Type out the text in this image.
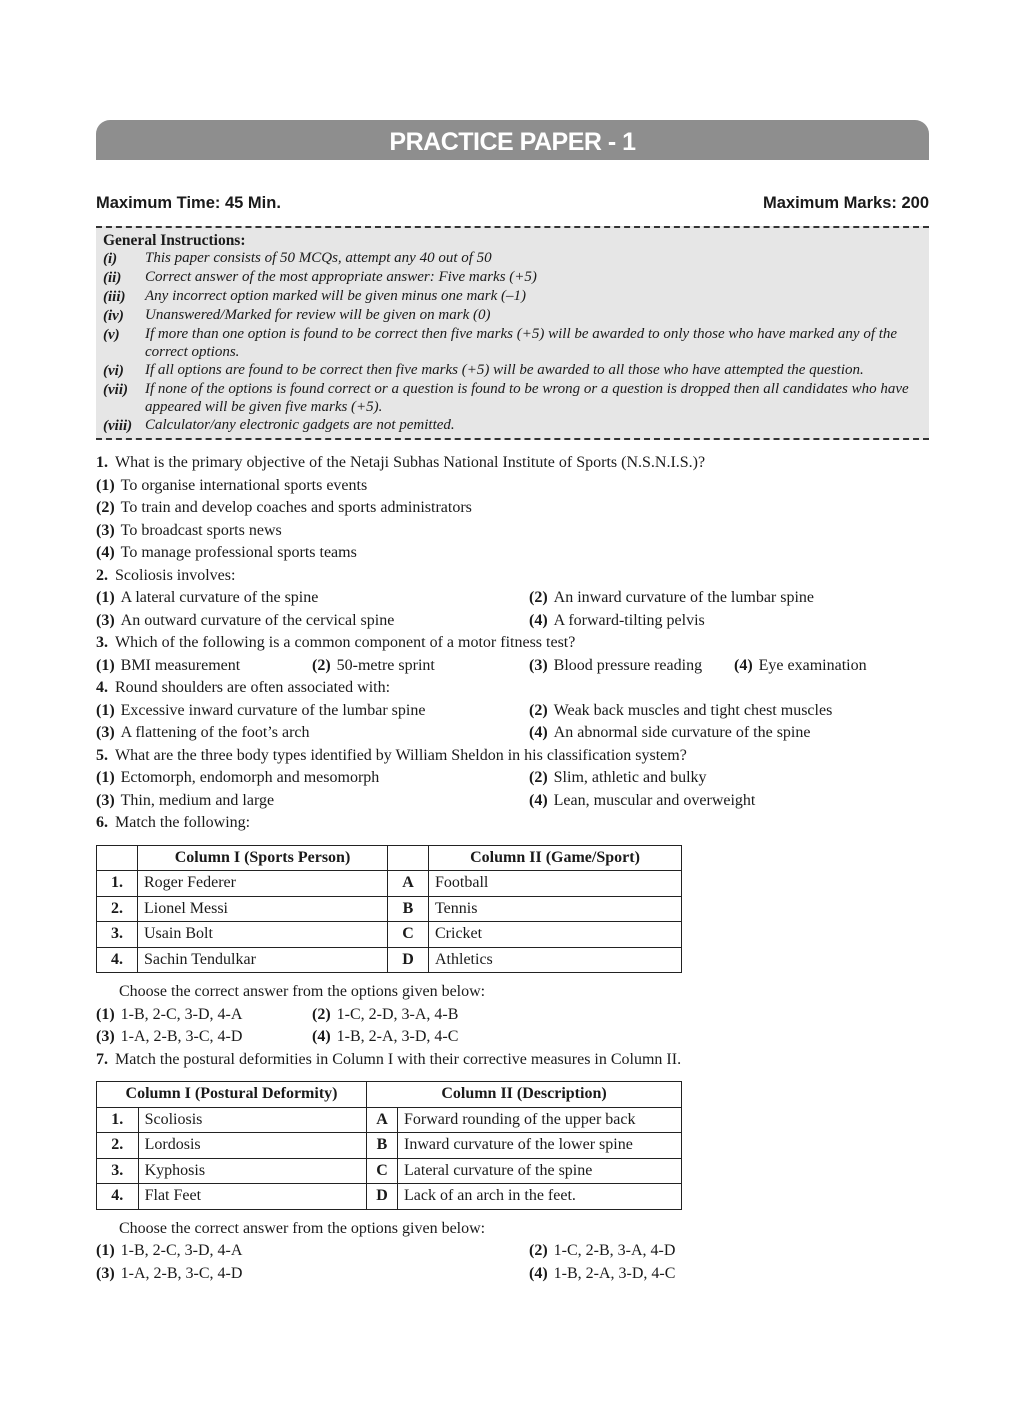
PRACTICE PAPER - 1
Maximum Time: 45 Min.	Maximum Marks: 200
General Instructions:
(i)	This paper consists of 50 MCQs, attempt any 40 out of 50
(ii)	Correct answer of the most appropriate answer: Five marks (+5)
(iii)	Any incorrect option marked will be given minus one mark (–1)
(iv)	Unanswered/Marked for review will be given on mark (0)
(v)	If more than one option is found to be correct then five marks (+5) will be awarded to only those who have marked any of the correct options.
(vi)	If all options are found to be correct then five marks (+5) will be awarded to all those who have attempted the question.
(vii)	If none of the options is found correct or a question is found to be wrong or a question is dropped then all candidates who have appeared will be given five marks (+5).
(viii) Calculator/any electronic gadgets are not pemitted.
1. What is the primary objective of the Netaji Subhas National Institute of Sports (N.S.N.I.S.)?
(1) To organise international sports events
(2) To train and develop coaches and sports administrators
(3) To broadcast sports news
(4) To manage professional sports teams
2. Scoliosis involves:
(1) A lateral curvature of the spine	(2) An inward curvature of the lumbar spine
(3) An outward curvature of the cervical spine	(4) A forward-tilting pelvis
3. Which of the following is a common component of a motor fitness test?
(1) BMI measurement	(2) 50-metre sprint	(3) Blood pressure reading	(4) Eye examination
4. Round shoulders are often associated with:
(1) Excessive inward curvature of the lumbar spine	(2) Weak back muscles and tight chest muscles
(3) A flattening of the foot’s arch	(4) An abnormal side curvature of the spine
5. What are the three body types identified by William Sheldon in his classification system?
(1) Ectomorph, endomorph and mesomorph	(2) Slim, athletic and bulky
(3) Thin, medium and large	(4) Lean, muscular and overweight
6. Match the following:
	Column I (Sports Person)		Column II (Game/Sport)
1.	Roger Federer	A	Football
2.	Lionel Messi	B	Tennis
3.	Usain Bolt	C	Cricket
4.	Sachin Tendulkar	D	Athletics
Choose the correct answer from the options given below:
(1) 1-B, 2-C, 3-D, 4-A	(2) 1-C, 2-D, 3-A, 4-B
(3) 1-A, 2-B, 3-C, 4-D	(4) 1-B, 2-A, 3-D, 4-C
7. Match the postural deformities in Column I with their corrective measures in Column II.
Column I (Postural Deformity)		Column II (Description)	
1.	Scoliosis	A	Forward rounding of the upper back
2.	Lordosis	B	Inward curvature of the lower spine
3.	Kyphosis	C	Lateral curvature of the spine
4.	Flat Feet	D	Lack of an arch in the feet.
Choose the correct answer from the options given below:
(1) 1-B, 2-C, 3-D, 4-A	(2) 1-C, 2-B, 3-A, 4-D
(3) 1-A, 2-B, 3-C, 4-D	(4) 1-B, 2-A, 3-D, 4-C
